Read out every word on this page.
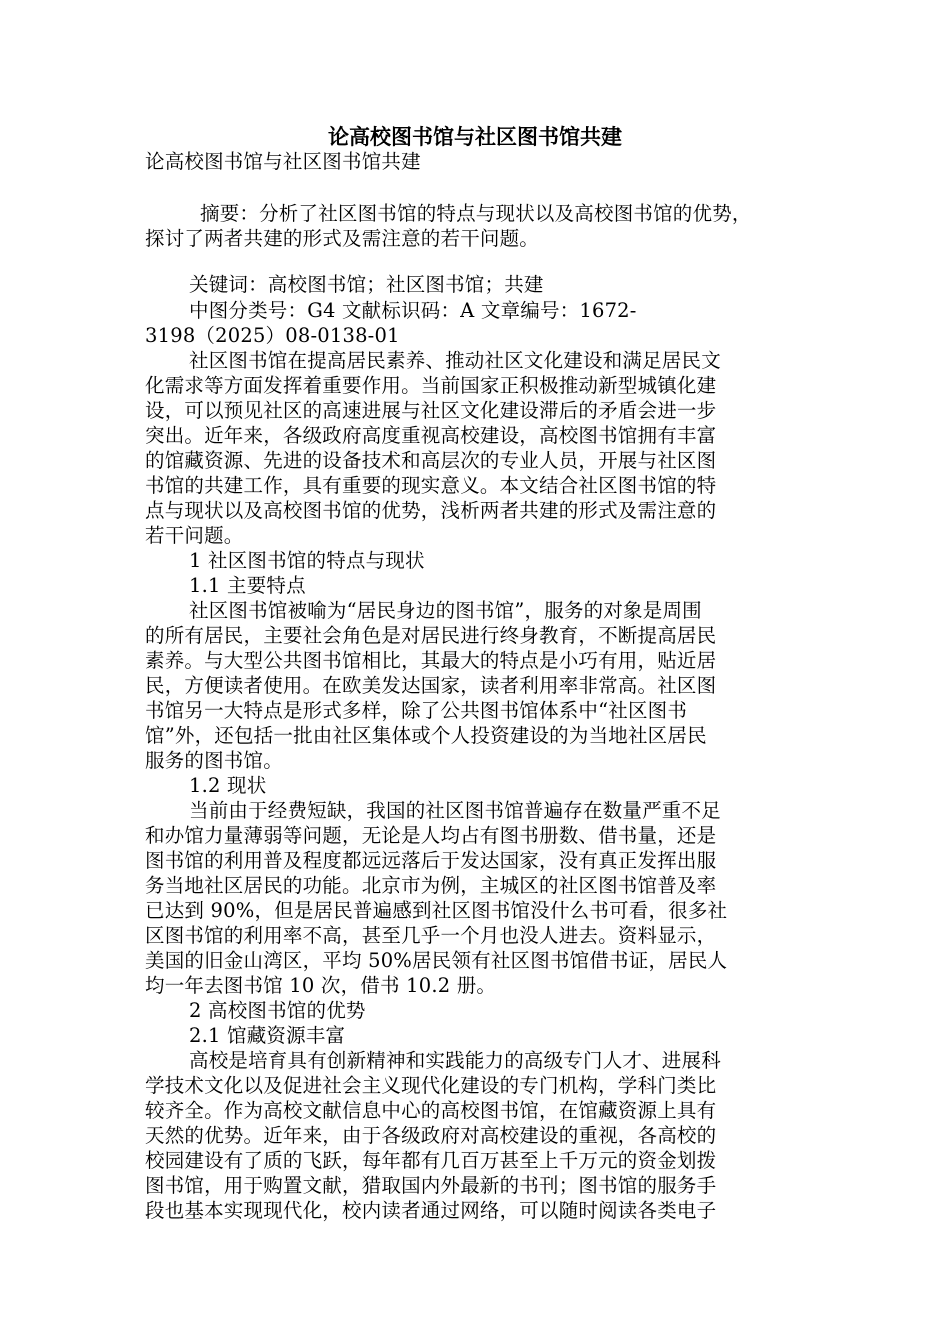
论高校图书馆与社区图书馆共建
论高校图书馆与社区图书馆共建
摘要：分析了社区图书馆的特点与现状以及高校图书馆的优势，
探讨了两者共建的形式及需注意的若干问题。
关键词：高校图书馆；社区图书馆；共建
中图分类号：G4 文献标识码：A 文章编号：1672-
3198（2025）08-0138-01
社区图书馆在提高居民素养、推动社区文化建设和满足居民文
化需求等方面发挥着重要作用。当前国家正积极推动新型城镇化建
设，可以预见社区的高速进展与社区文化建设滞后的矛盾会进一步
突出。近年来，各级政府高度重视高校建设，高校图书馆拥有丰富
的馆藏资源、先进的设备技术和高层次的专业人员，开展与社区图
书馆的共建工作，具有重要的现实意义。本文结合社区图书馆的特
点与现状以及高校图书馆的优势，浅析两者共建的形式及需注意的
若干问题。
1 社区图书馆的特点与现状
1.1 主要特点
社区图书馆被喻为“居民身边的图书馆”，服务的对象是周围
的所有居民，主要社会角色是对居民进行终身教育，不断提高居民
素养。与大型公共图书馆相比，其最大的特点是小巧有用，贴近居
民，方便读者使用。在欧美发达国家，读者利用率非常高。社区图
书馆另一大特点是形式多样，除了公共图书馆体系中“社区图书
馆”外，还包括一批由社区集体或个人投资建设的为当地社区居民
服务的图书馆。
1.2 现状
当前由于经费短缺，我国的社区图书馆普遍存在数量严重不足
和办馆力量薄弱等问题，无论是人均占有图书册数、借书量，还是
图书馆的利用普及程度都远远落后于发达国家，没有真正发挥出服
务当地社区居民的功能。北京市为例，主城区的社区图书馆普及率
已达到 90%，但是居民普遍感到社区图书馆没什么书可看，很多社
区图书馆的利用率不高，甚至几乎一个月也没人进去。资料显示，
美国的旧金山湾区，平均 50%居民领有社区图书馆借书证，居民人
均一年去图书馆 10 次，借书 10.2 册。
2 高校图书馆的优势
2.1 馆藏资源丰富
高校是培育具有创新精神和实践能力的高级专门人才、进展科
学技术文化以及促进社会主义现代化建设的专门机构，学科门类比
较齐全。作为高校文献信息中心的高校图书馆，在馆藏资源上具有
天然的优势。近年来，由于各级政府对高校建设的重视，各高校的
校园建设有了质的飞跃，每年都有几百万甚至上千万元的资金划拨
图书馆，用于购置文献，猎取国内外最新的书刊；图书馆的服务手
段也基本实现现代化，校内读者通过网络，可以随时阅读各类电子
